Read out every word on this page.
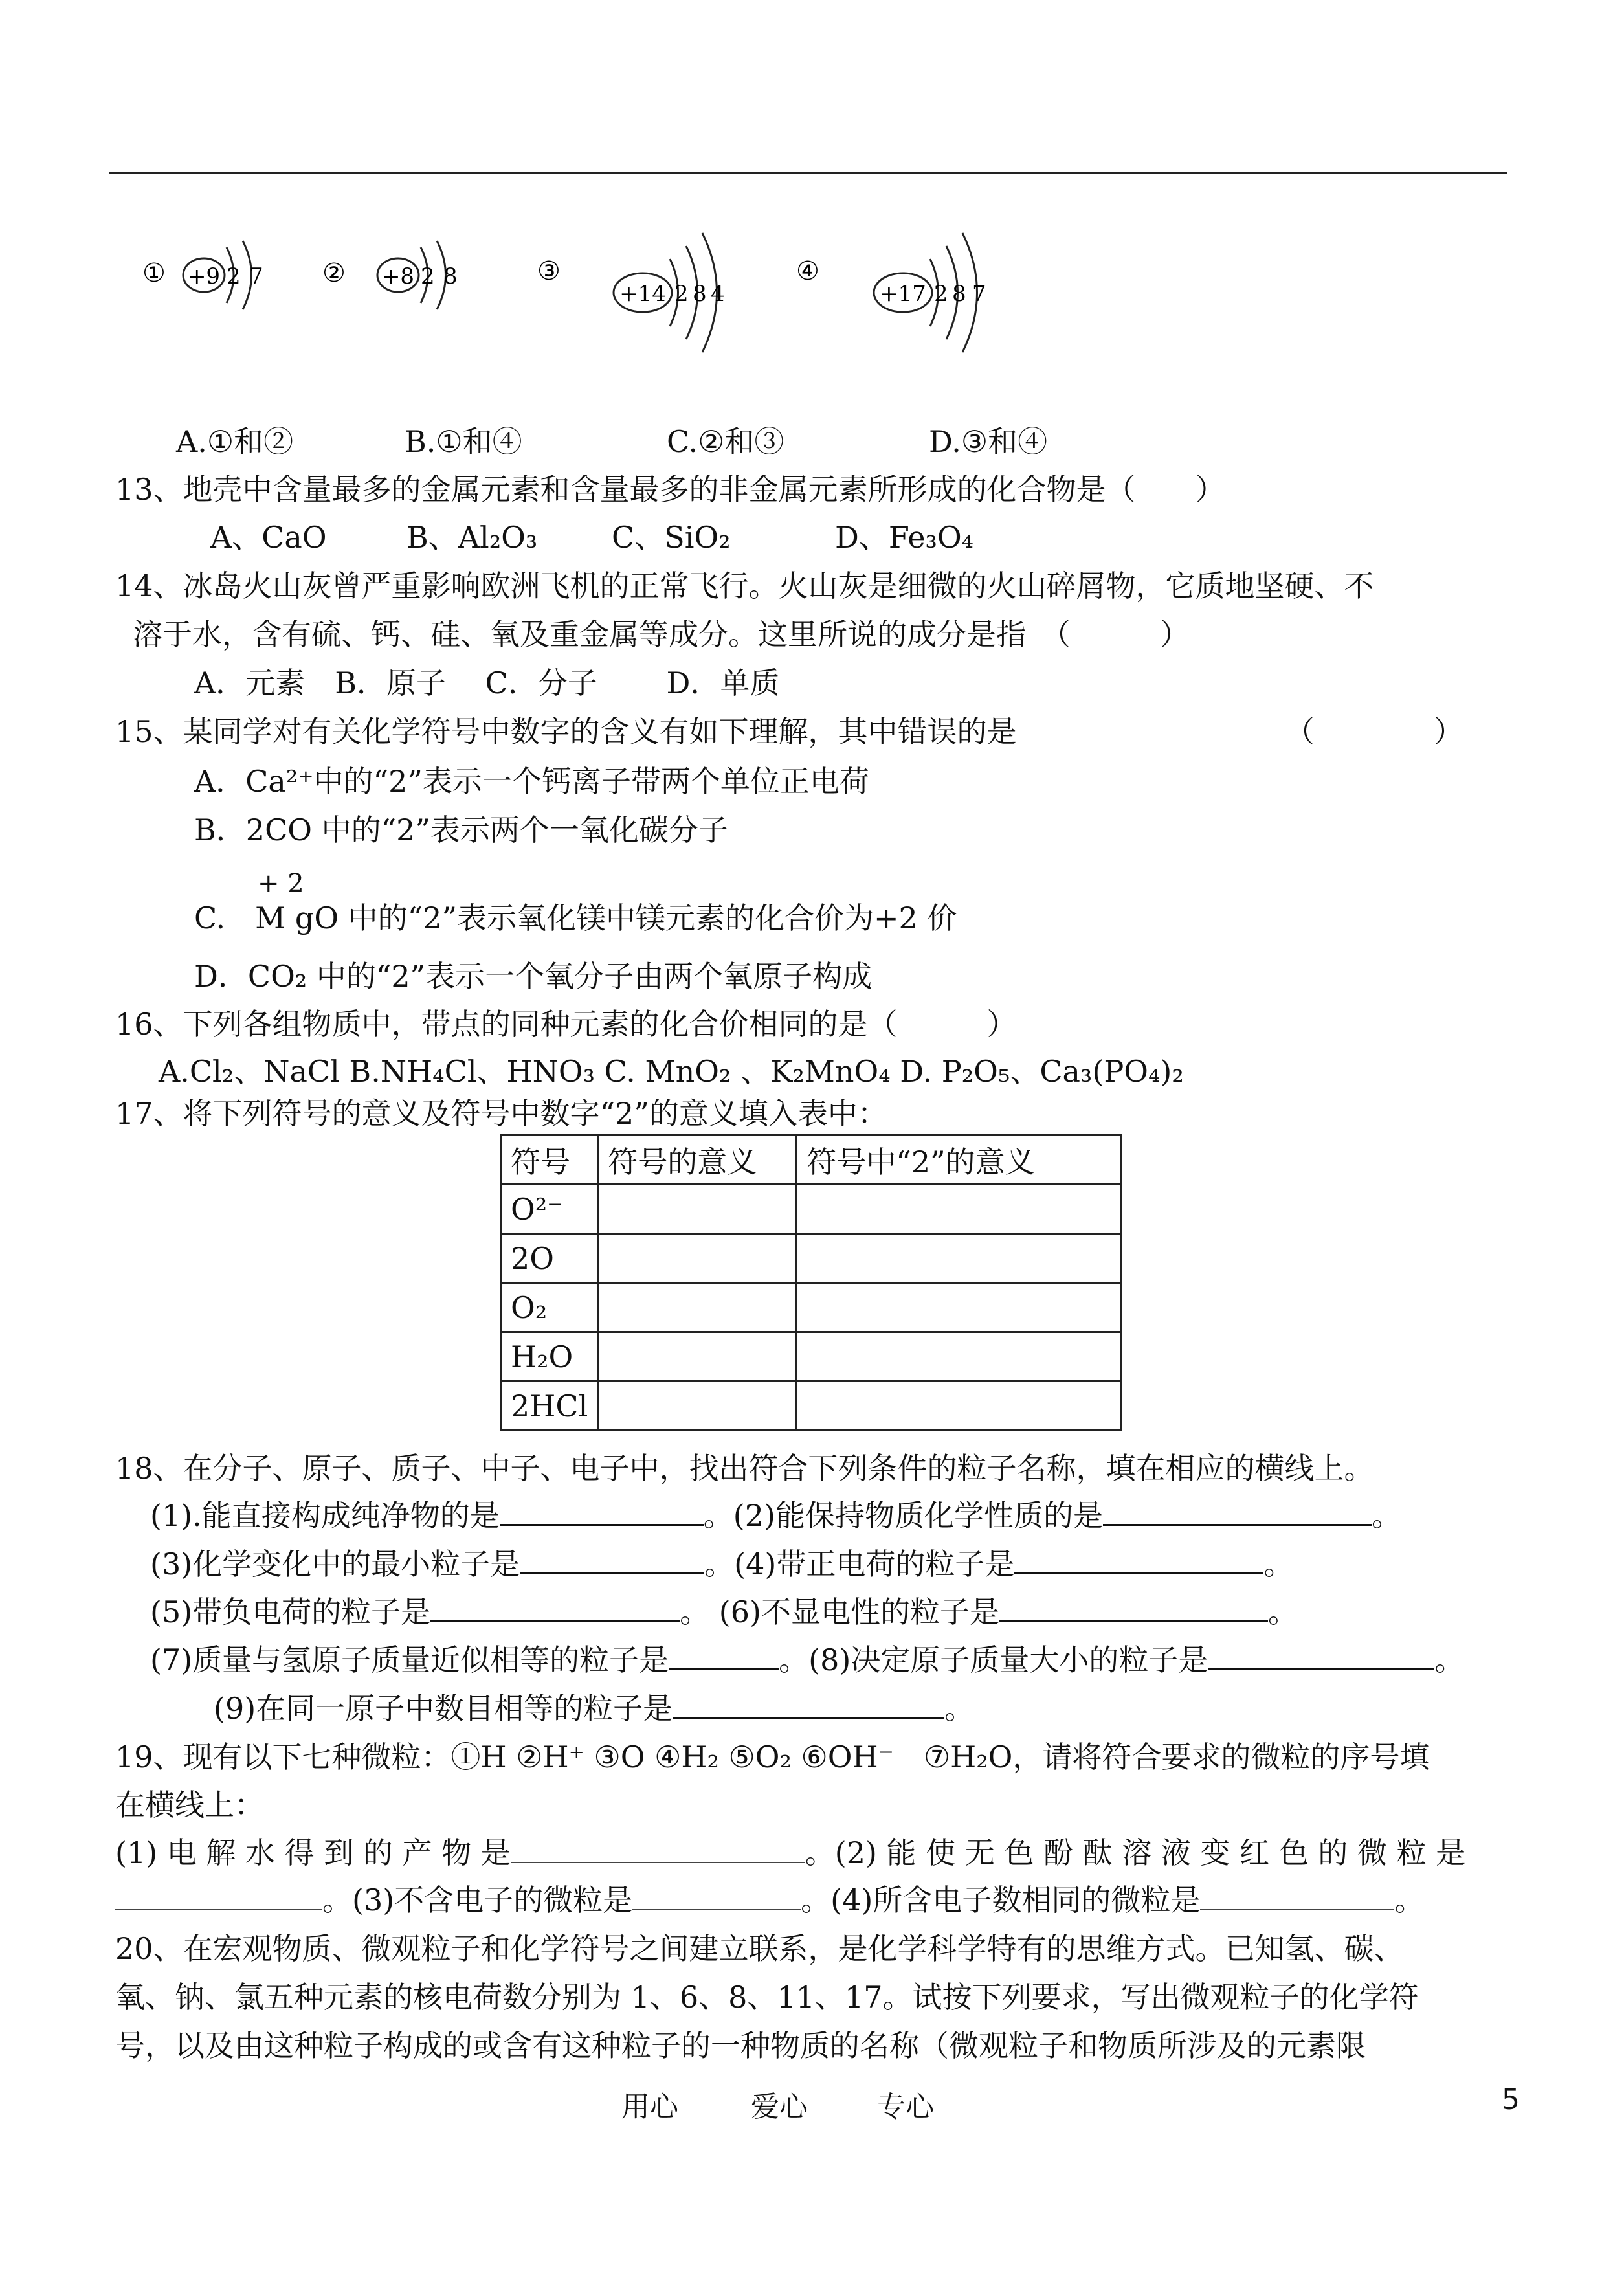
① +9 2 7 ② +8 2 8	③
+14 2 8 4
④
+17 2 8 7
A.①和②	B.①和④	C.②和③	D.③和④
13、地壳中含量最多的金属元素和含量最多的非金属元素所形成的化合物是（　　）
A、CaO	B、Al₂O₃ C、SiO₂	D、Fe₃O₄
14、冰岛火山灰曾严重影响欧洲飞机的正常飞行。火山灰是细微的火山碎屑物，它质地坚硬、不
溶于水，含有硫、钙、硅、氧及重金属等成分。这里所说的成分是指　（　　　）
A．元素　B．原子　 C．分子　　 D．单质
15、某同学对有关化学符号中数字的含义有如下理解，其中错误的是	（　　　　）
A．Ca²⁺中的“2”表示一个钙离子带两个单位正电荷
B．2CO 中的“2”表示两个一氧化碳分子
+ 2
C.　M gO 中的“2”表示氧化镁中镁元素的化合价为+2 价
D．CO₂ 中的“2”表示一个氧分子由两个氧原子构成
16、下列各组物质中，带点的同种元素的化合价相同的是（　　　）
A.Cl₂、NaCl B.NH₄Cl、HNO₃ C. MnO₂ 、K₂MnO₄ D. P₂O₅、Ca₃(PO₄)₂
17、将下列符号的意义及符号中数字“2”的意义填入表中：
符号	符号的意义	符号中“2”的意义
O²⁻		
2O		
O₂		
H₂O		
2HCl		
18、在分子、原子、质子、中子、电子中，找出符合下列条件的粒子名称，填在相应的横线上。
(1).能直接构成纯净物的是	。(2)能保持物质化学性质的是	。
(3)化学变化中的最小粒子是	。(4)带正电荷的粒子是	。
(5)带负电荷的粒子是	。 (6)不显电性的粒子是	。
(7)质量与氢原子质量近似相等的粒子是	。(8)决定原子质量大小的粒子是	。
(9)在同一原子中数目相等的粒子是	。
19、现有以下七种微粒：①H ②H⁺ ③O ④H₂ ⑤O₂ ⑥OH⁻　⑦H₂O，请将符合要求的微粒的序号填
在横线上：
(1) 电 解 水 得 到 的 产 物 是	。(2) 能 使 无 色 酚 酞 溶 液 变 红 色 的 微 粒 是
。(3)不含电子的微粒是	。(4)所含电子数相同的微粒是	。
20、在宏观物质、微观粒子和化学符号之间建立联系，是化学科学特有的思维方式。已知氢、碳、
氧、钠、氯五种元素的核电荷数分别为 1、6、8、11、17。试按下列要求，写出微观粒子的化学符
号，以及由这种粒子构成的或含有这种粒子的一种物质的名称（微观粒子和物质所涉及的元素限
用心	爱心 专心	5
